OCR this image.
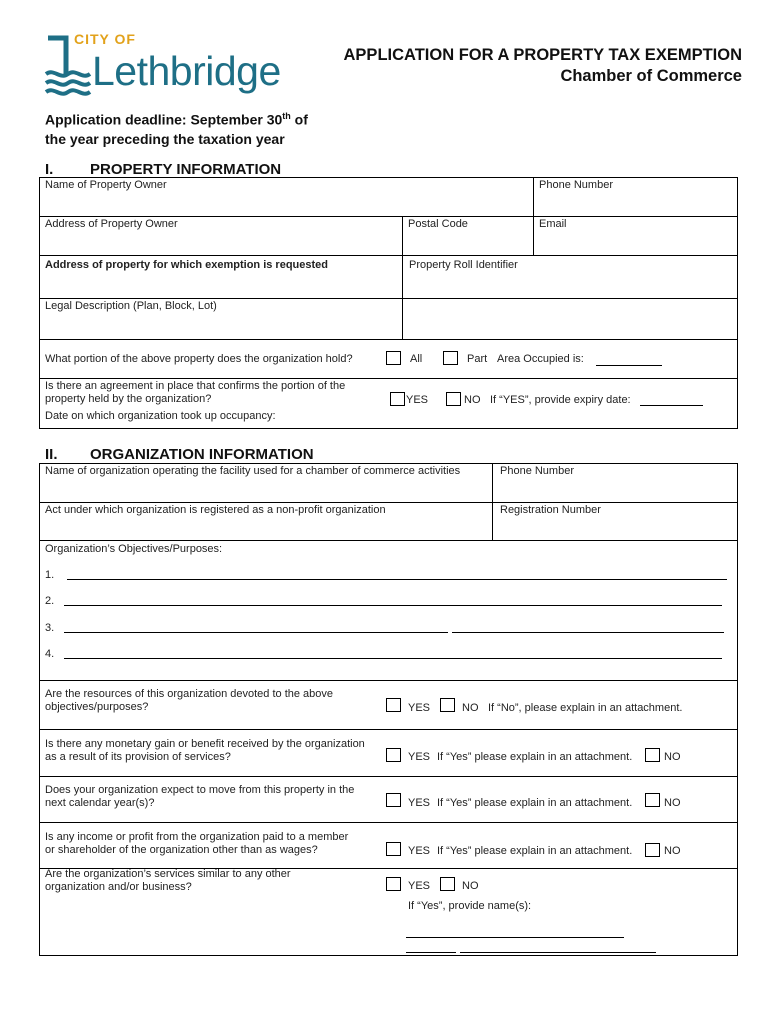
CITY OF
Lethbridge	APPLICATION FOR A PROPERTY TAX EXEMPTION
Chamber of Commerce
Application deadline: September 30th of
the year preceding the taxation year
I. PROPERTY INFORMATION
Name of Property Owner	Phone Number
Address of Property Owner	Postal Code	Email
Address of property for which exemption is requested	Property Roll Identifier
Legal Description (Plan, Block, Lot)
What portion of the above property does the organization hold?	All	Part Area Occupied is:
Is there an agreement in place that confirms the portion of the
property held by the organization?	YES	NO If “YES”, provide expiry date:
Date on which organization took up occupancy:
II. ORGANIZATION INFORMATION
Name of organization operating the facility used for a chamber of commerce activities	Phone Number
Act under which organization is registered as a non-profit organization	Registration Number
Organization’s Objectives/Purposes:
1.
2.
3.
4.
Are the resources of this organization devoted to the above
objectives/purposes?	YES	NO If “No”, please explain in an attachment.
Is there any monetary gain or benefit received by the organization
as a result of its provision of services?	YES If “Yes” please explain in an attachment.	NO
Does your organization expect to move from this property in the
next calendar year(s)?	YES If “Yes” please explain in an attachment.	NO
Is any income or profit from the organization paid to a member
or shareholder of the organization other than as wages?	YES If “Yes” please explain in an attachment.	NO
Are the organization’s services similar to any other
organization and/or business?	YES	NO
If “Yes”, provide name(s):
